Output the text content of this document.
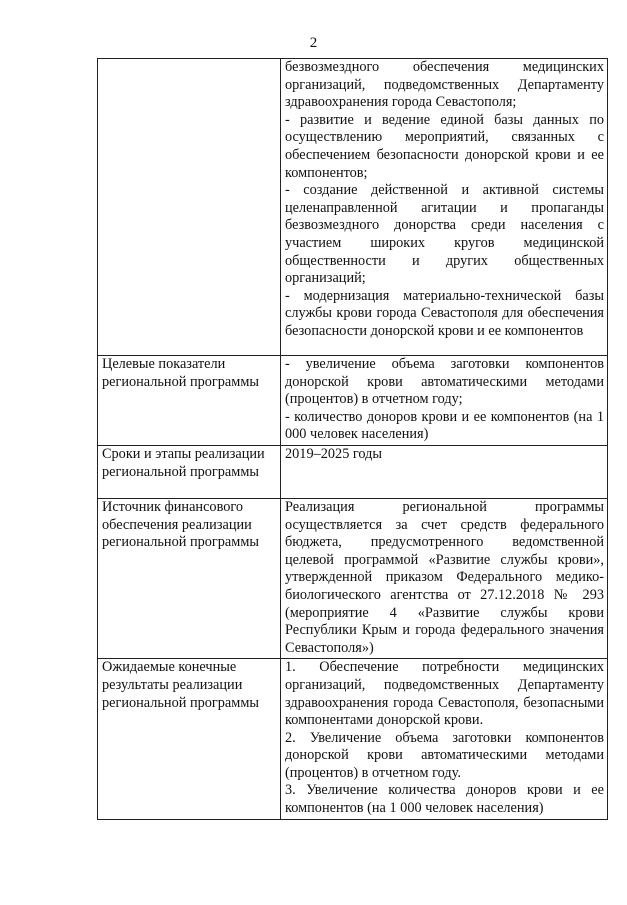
2

	безвозмездного обеспечения медицинских организаций, подведомственных Департаменту здравоохранения города Севастополя;

- развитие и ведение единой базы данных по осуществлению мероприятий, связанных с обеспечением безопасности донорской крови и ее компонентов;

- создание действенной и активной системы целенаправленной агитации и пропаганды безвозмездного донорства среди населения с участием широких кругов медицинской общественности и других общественных организаций;

- модернизация материально-технической базы службы крови города Севастополя для обеспечения безопасности донорской крови и ее компонентов

Целевые показатели региональной программы	- увеличение объема заготовки компонентов донорской крови автоматическими методами (процентов) в отчетном году;

- количество доноров крови и ее компонентов (на 1 000 человек населения)

Сроки и этапы реализации региональной программы	2019–2025 годы

Источник финансового обеспечения реализации региональной программы	Реализация региональной программы осуществляется за счет средств федерального бюджета, предусмотренного ведомственной целевой программой «Развитие службы крови», утвержденной приказом Федерального медико-биологического агентства от 27.12.2018 № 293 (мероприятие 4 «Развитие службы крови Республики Крым и города федерального значения Севастополя»)

Ожидаемые конечные результаты реализации региональной программы	1. Обеспечение потребности медицинских организаций, подведомственных Департаменту здравоохранения города Севастополя, безопасными компонентами донорской крови.

2. Увеличение объема заготовки компонентов донорской крови автоматическими методами (процентов) в отчетном году.

3. Увеличение количества доноров крови и ее компонентов (на 1 000 человек населения)
